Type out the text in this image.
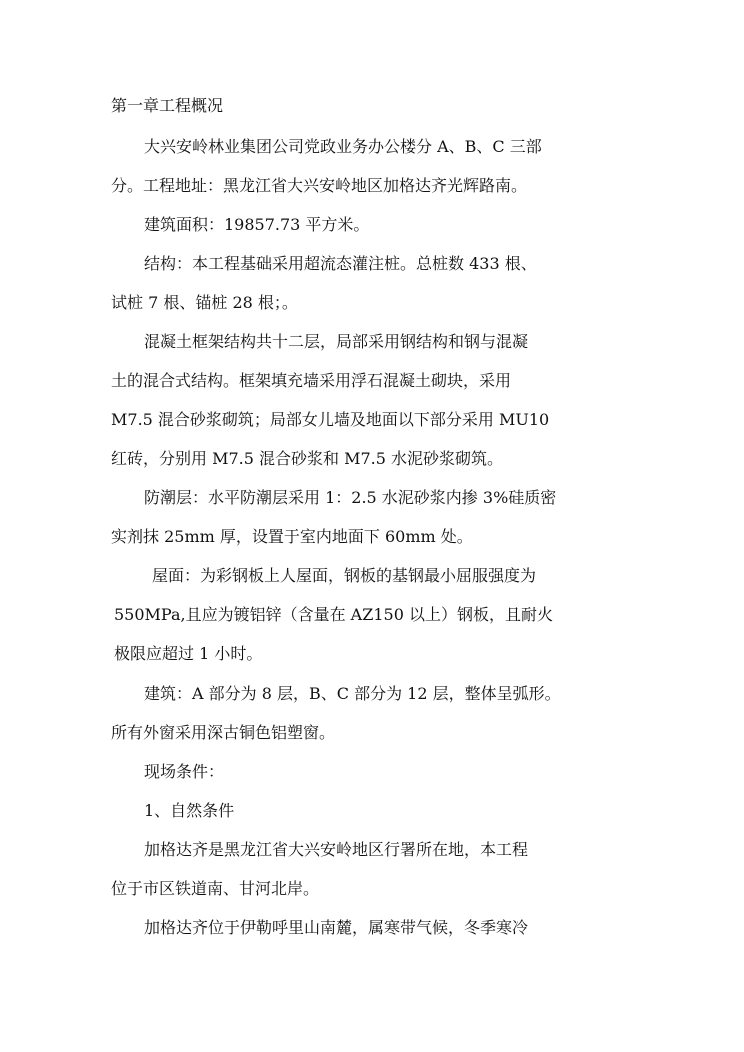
第一章工程概况
大兴安岭林业集团公司党政业务办公楼分 A、B、C 三部
分。工程地址：黑龙江省大兴安岭地区加格达齐光辉路南。
建筑面积：19857.73 平方米。
结构：本工程基础采用超流态灌注桩。总桩数 433 根、
试桩 7 根、锚桩 28 根；。
混凝土框架结构共十二层，局部采用钢结构和钢与混凝
土的混合式结构。框架填充墙采用浮石混凝土砌块，采用
M7.5 混合砂浆砌筑；局部女儿墙及地面以下部分采用 MU10
红砖，分别用 M7.5 混合砂浆和 M7.5 水泥砂浆砌筑。
防潮层：水平防潮层采用 1：2.5 水泥砂浆内掺 3%硅质密
实剂抹 25mm 厚，设置于室内地面下 60mm 处。
屋面：为彩钢板上人屋面，钢板的基钢最小屈服强度为
550MPa,且应为镀铝锌（含量在 AZ150 以上）钢板，且耐火
极限应超过 1 小时。
建筑：A 部分为 8 层，B、C 部分为 12 层，整体呈弧形。
所有外窗采用深古铜色铝塑窗。
现场条件：
1、自然条件
加格达齐是黑龙江省大兴安岭地区行署所在地，本工程
位于市区铁道南、甘河北岸。
加格达齐位于伊勒呼里山南麓，属寒带气候，冬季寒冷
